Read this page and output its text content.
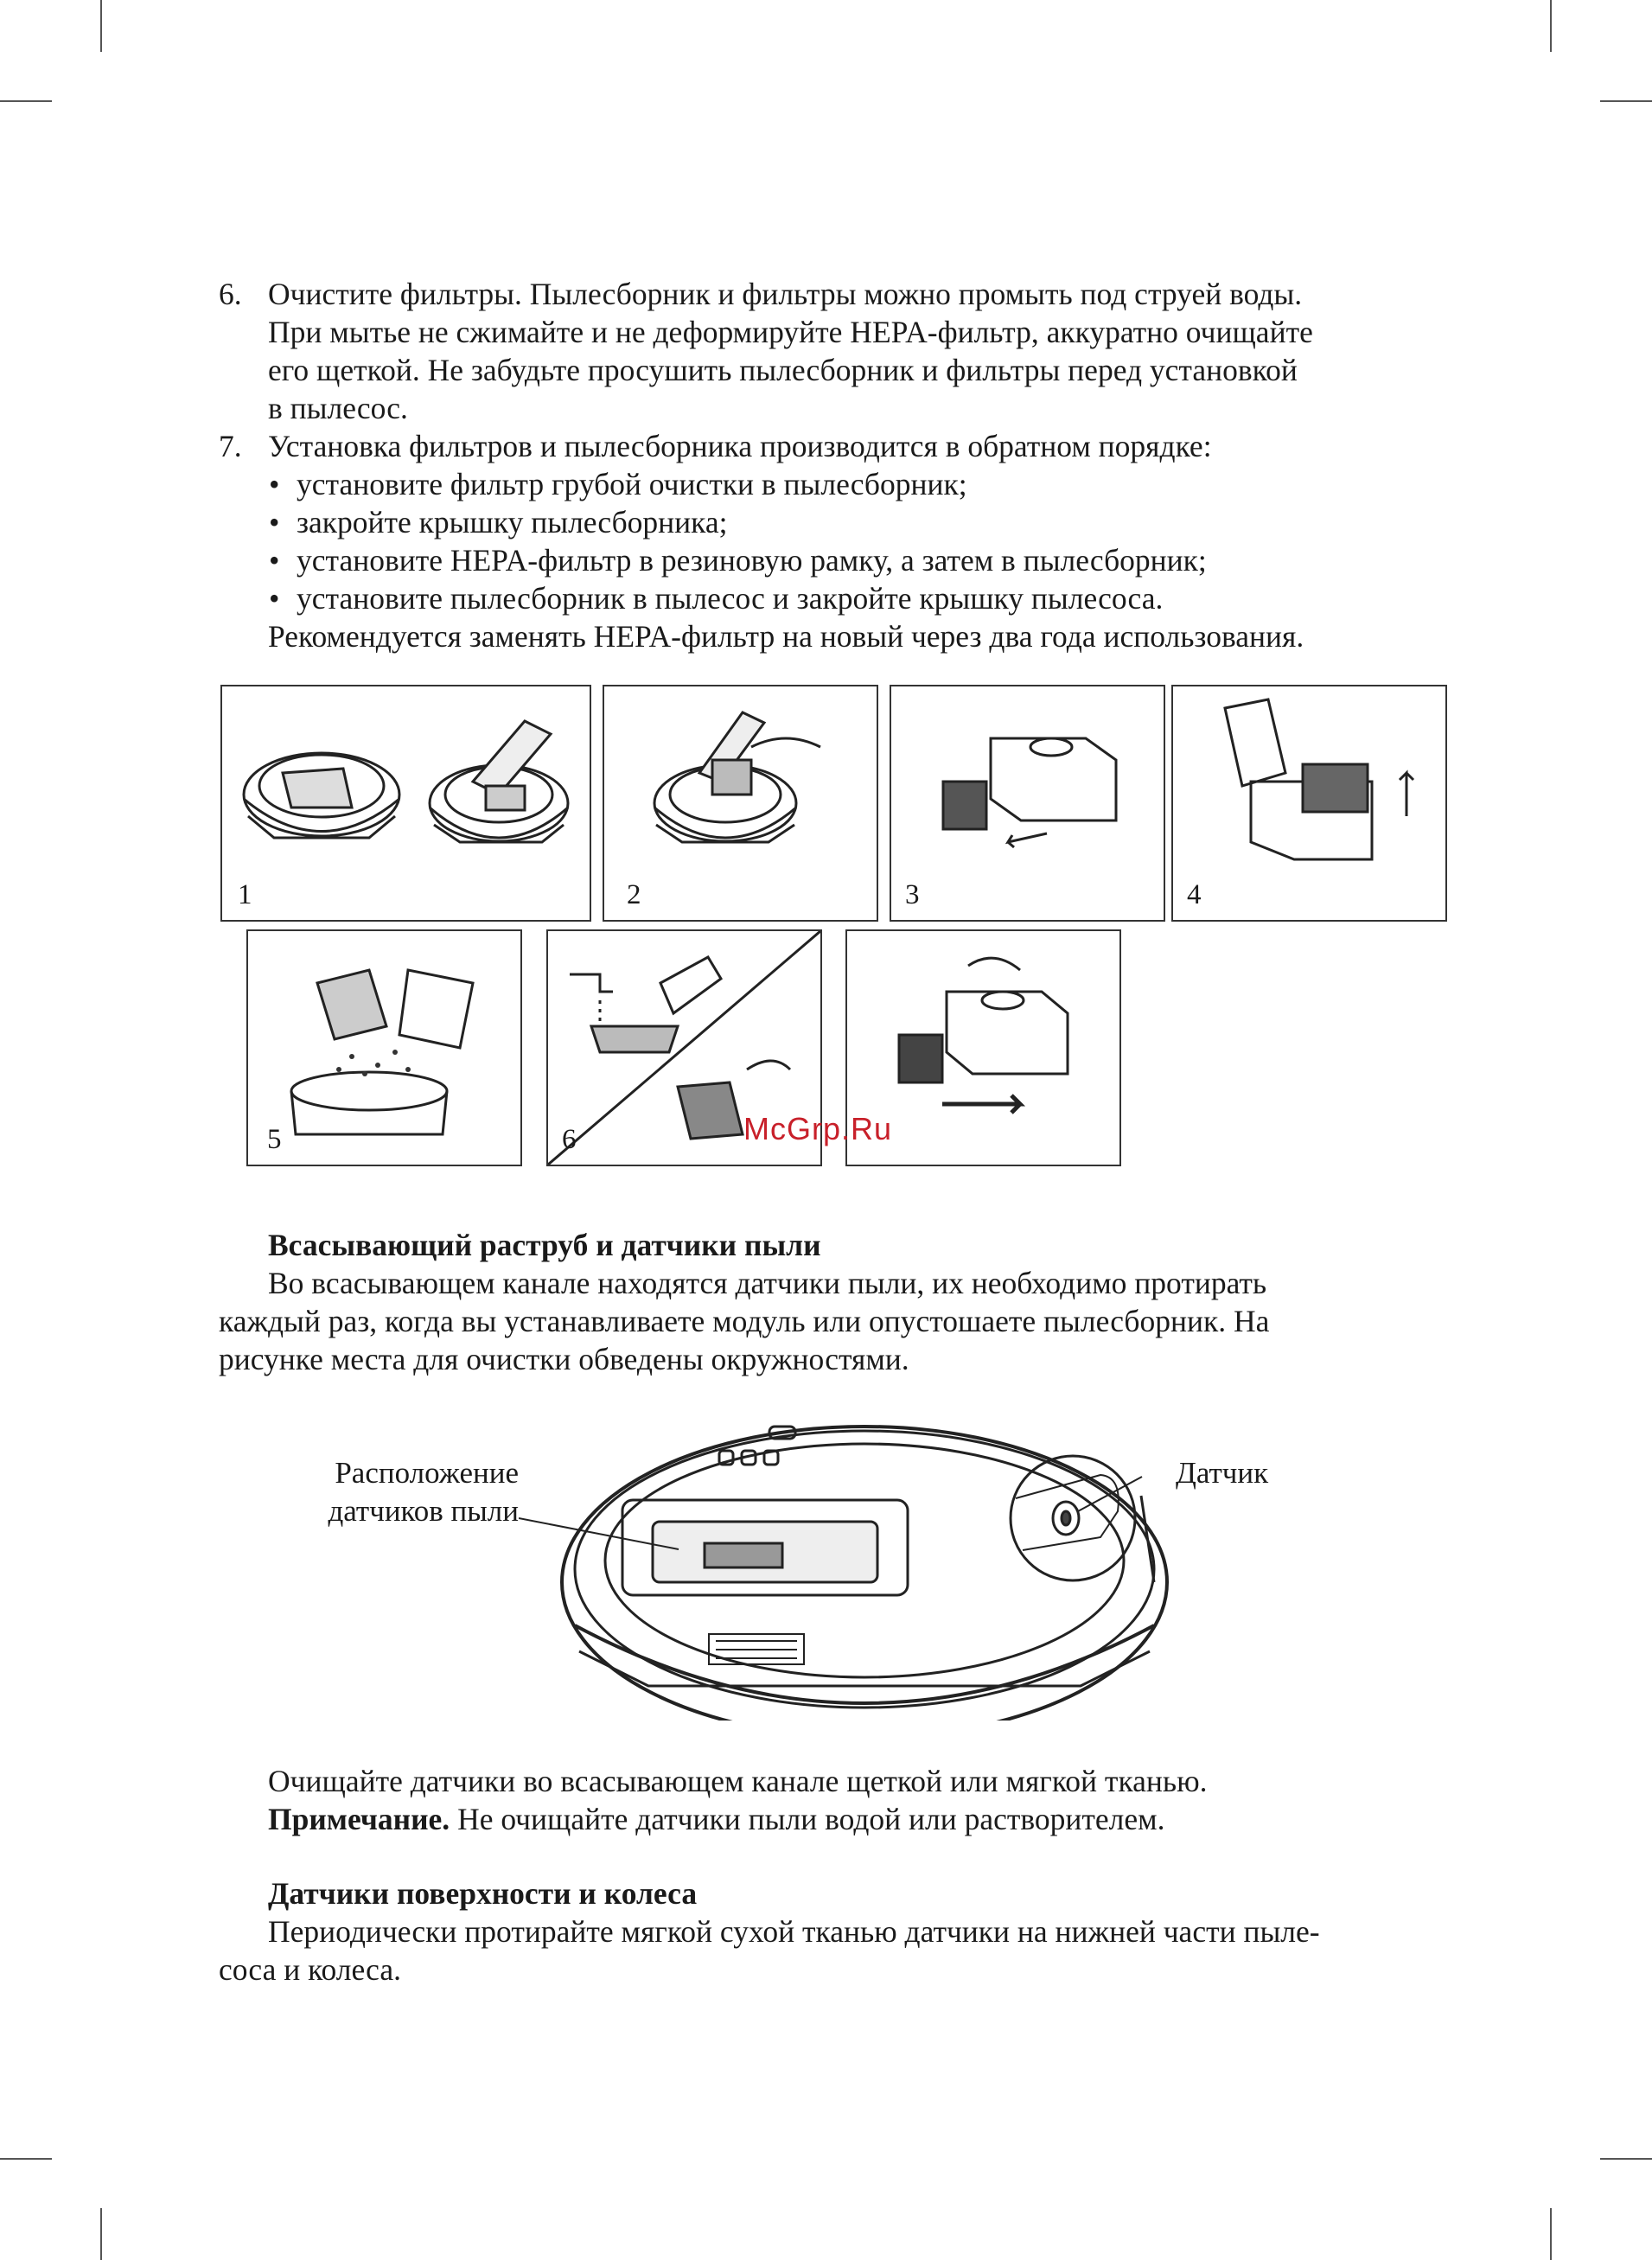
6. Очистите фильтры. Пылесборник и фильтры можно промыть под струей воды.
При мытье не сжимайте и не деформируйте HEPA-фильтр, аккуратно очищайте
его щеткой. Не забудьте просушить пылесборник и фильтры перед установкой
в пылесос.
7. Установка фильтров и пылесборника производится в обратном порядке:
• установите фильтр грубой очистки в пылесборник;
• закройте крышку пылесборника;
• установите HEPA-фильтр в резиновую рамку, а затем в пылесборник;
• установите пылесборник в пылесос и закройте крышку пылесоса.
Рекомендуется заменять HEPA-фильтр на новый через два года использования.
1	2	3	4
5	6	McGrp.Ru
Всасывающий раструб и датчики пыли
Во всасывающем канале находятся датчики пыли, их необходимо протирать
каждый раз, когда вы устанавливаете модуль или опустошаете пылесборник. На
рисунке места для очистки обведены окружностями.
Расположение
датчиков пыли
Датчик
Очищайте датчики во всасывающем канале щеткой или мягкой тканью.
Примечание. Не очищайте датчики пыли водой или растворителем.
Датчики поверхности и колеса
Периодически протирайте мягкой сухой тканью датчики на нижней части пыле-
соса и колеса.
